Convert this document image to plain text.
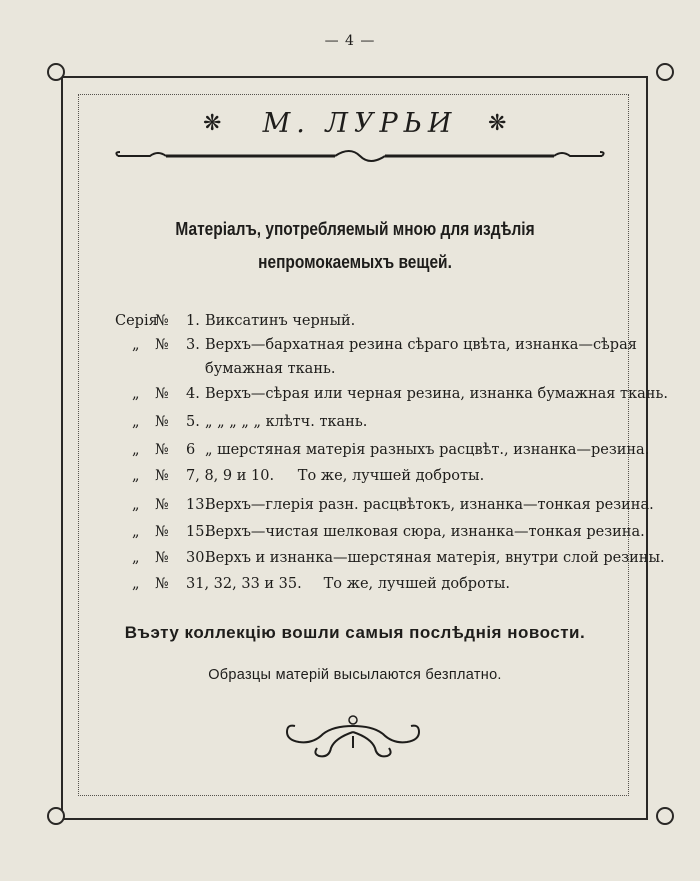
— 4 —
❋	М. ЛУРЬИ	❋
Матеріалъ, употребляемый мною для издѣлія
непромокаемыхъ вещей.
Серія
№ 1. Виксатинъ черный.
„ № 3. Верхъ—бархатная резина сѣраго цвѣта, изнанка—сѣрая
бумажная ткань.
„ № 4. Верхъ—сѣрая или черная резина, изнанка бумажная ткань.
„ № 5. „ „ „ „ „ клѣтч. ткань.
„ № 6 „ шерстяная матерія разныхъ расцвѣт., изнанка—резина.
„ № 7, 8, 9 и 10. То же, лучшей доброты.
„ № 13.
Верхъ—глерія разн. расцвѣтокъ, изнанка—тонкая резина.
„ № 15.
Верхъ—чистая шелковая сюра, изнанка—тонкая резина.
„ № 30.
Верхъ и изнанка—шерстяная матерія, внутри слой резины.
„ № 31, 32, 33 и 35. То же, лучшей доброты.
Въэту коллекцію вошли самыя послѣднія новости.
Образцы матерій высылаются безплатно.
